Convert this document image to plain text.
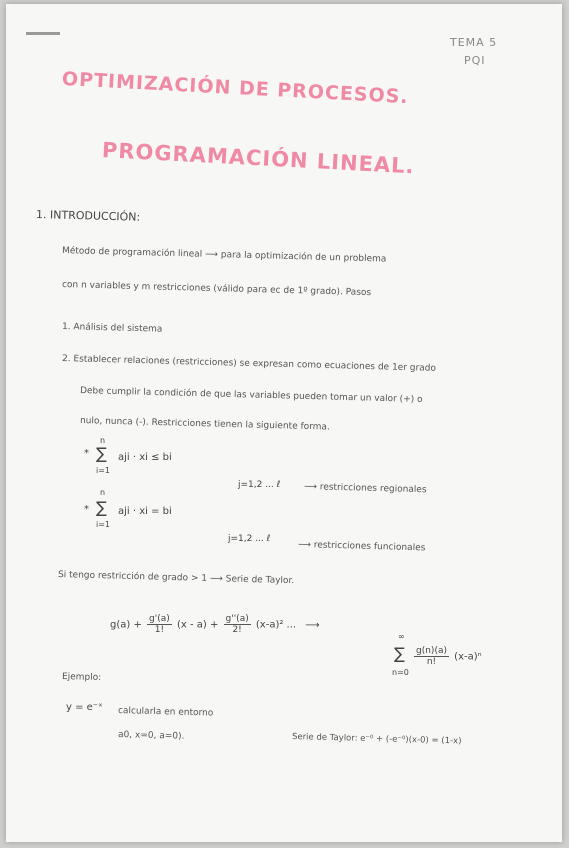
TEMA 5
PQI
OPTIMIZACIÓN DE PROCESOS.
PROGRAMACIÓN LINEAL.
1. INTRODUCCIÓN:
Método de programación lineal ⟶ para la optimización de un problema
con n variables y m restricciones (válido para ec de 1º grado). Pasos
1. Análisis del sistema
2. Establecer relaciones (restricciones) se expresan como ecuaciones de 1er grado
Debe cumplir la condición de que las variables pueden tomar un valor (+) o
nulo, nunca (-). Restricciones tienen la siguiente forma.
*
n
∑
i=1
aji · xi ≤ bi
j=1,2 ... ℓ	⟶ restricciones regionales
*
n
∑
i=1
aji · xi = bi
j=1,2 ... ℓ
⟶ restricciones funcionales
Si tengo restricción de grado > 1 ⟶ Serie de Taylor.
$g(a) + \frac{g'(a)}{1!} (x - a) + \frac{g''(a)}{2!} (x-a)^2$ ... ⟶
∞
∑
n=0
$\frac{g(n)(a)}{n!} (x-a)^n$
Ejemplo:
y = e⁻ˣ calcularla en entorno
a0, x=0, a=0).	Serie de Taylor: e⁻⁰ + (-e⁻⁰)(x-0) = (1-x)
